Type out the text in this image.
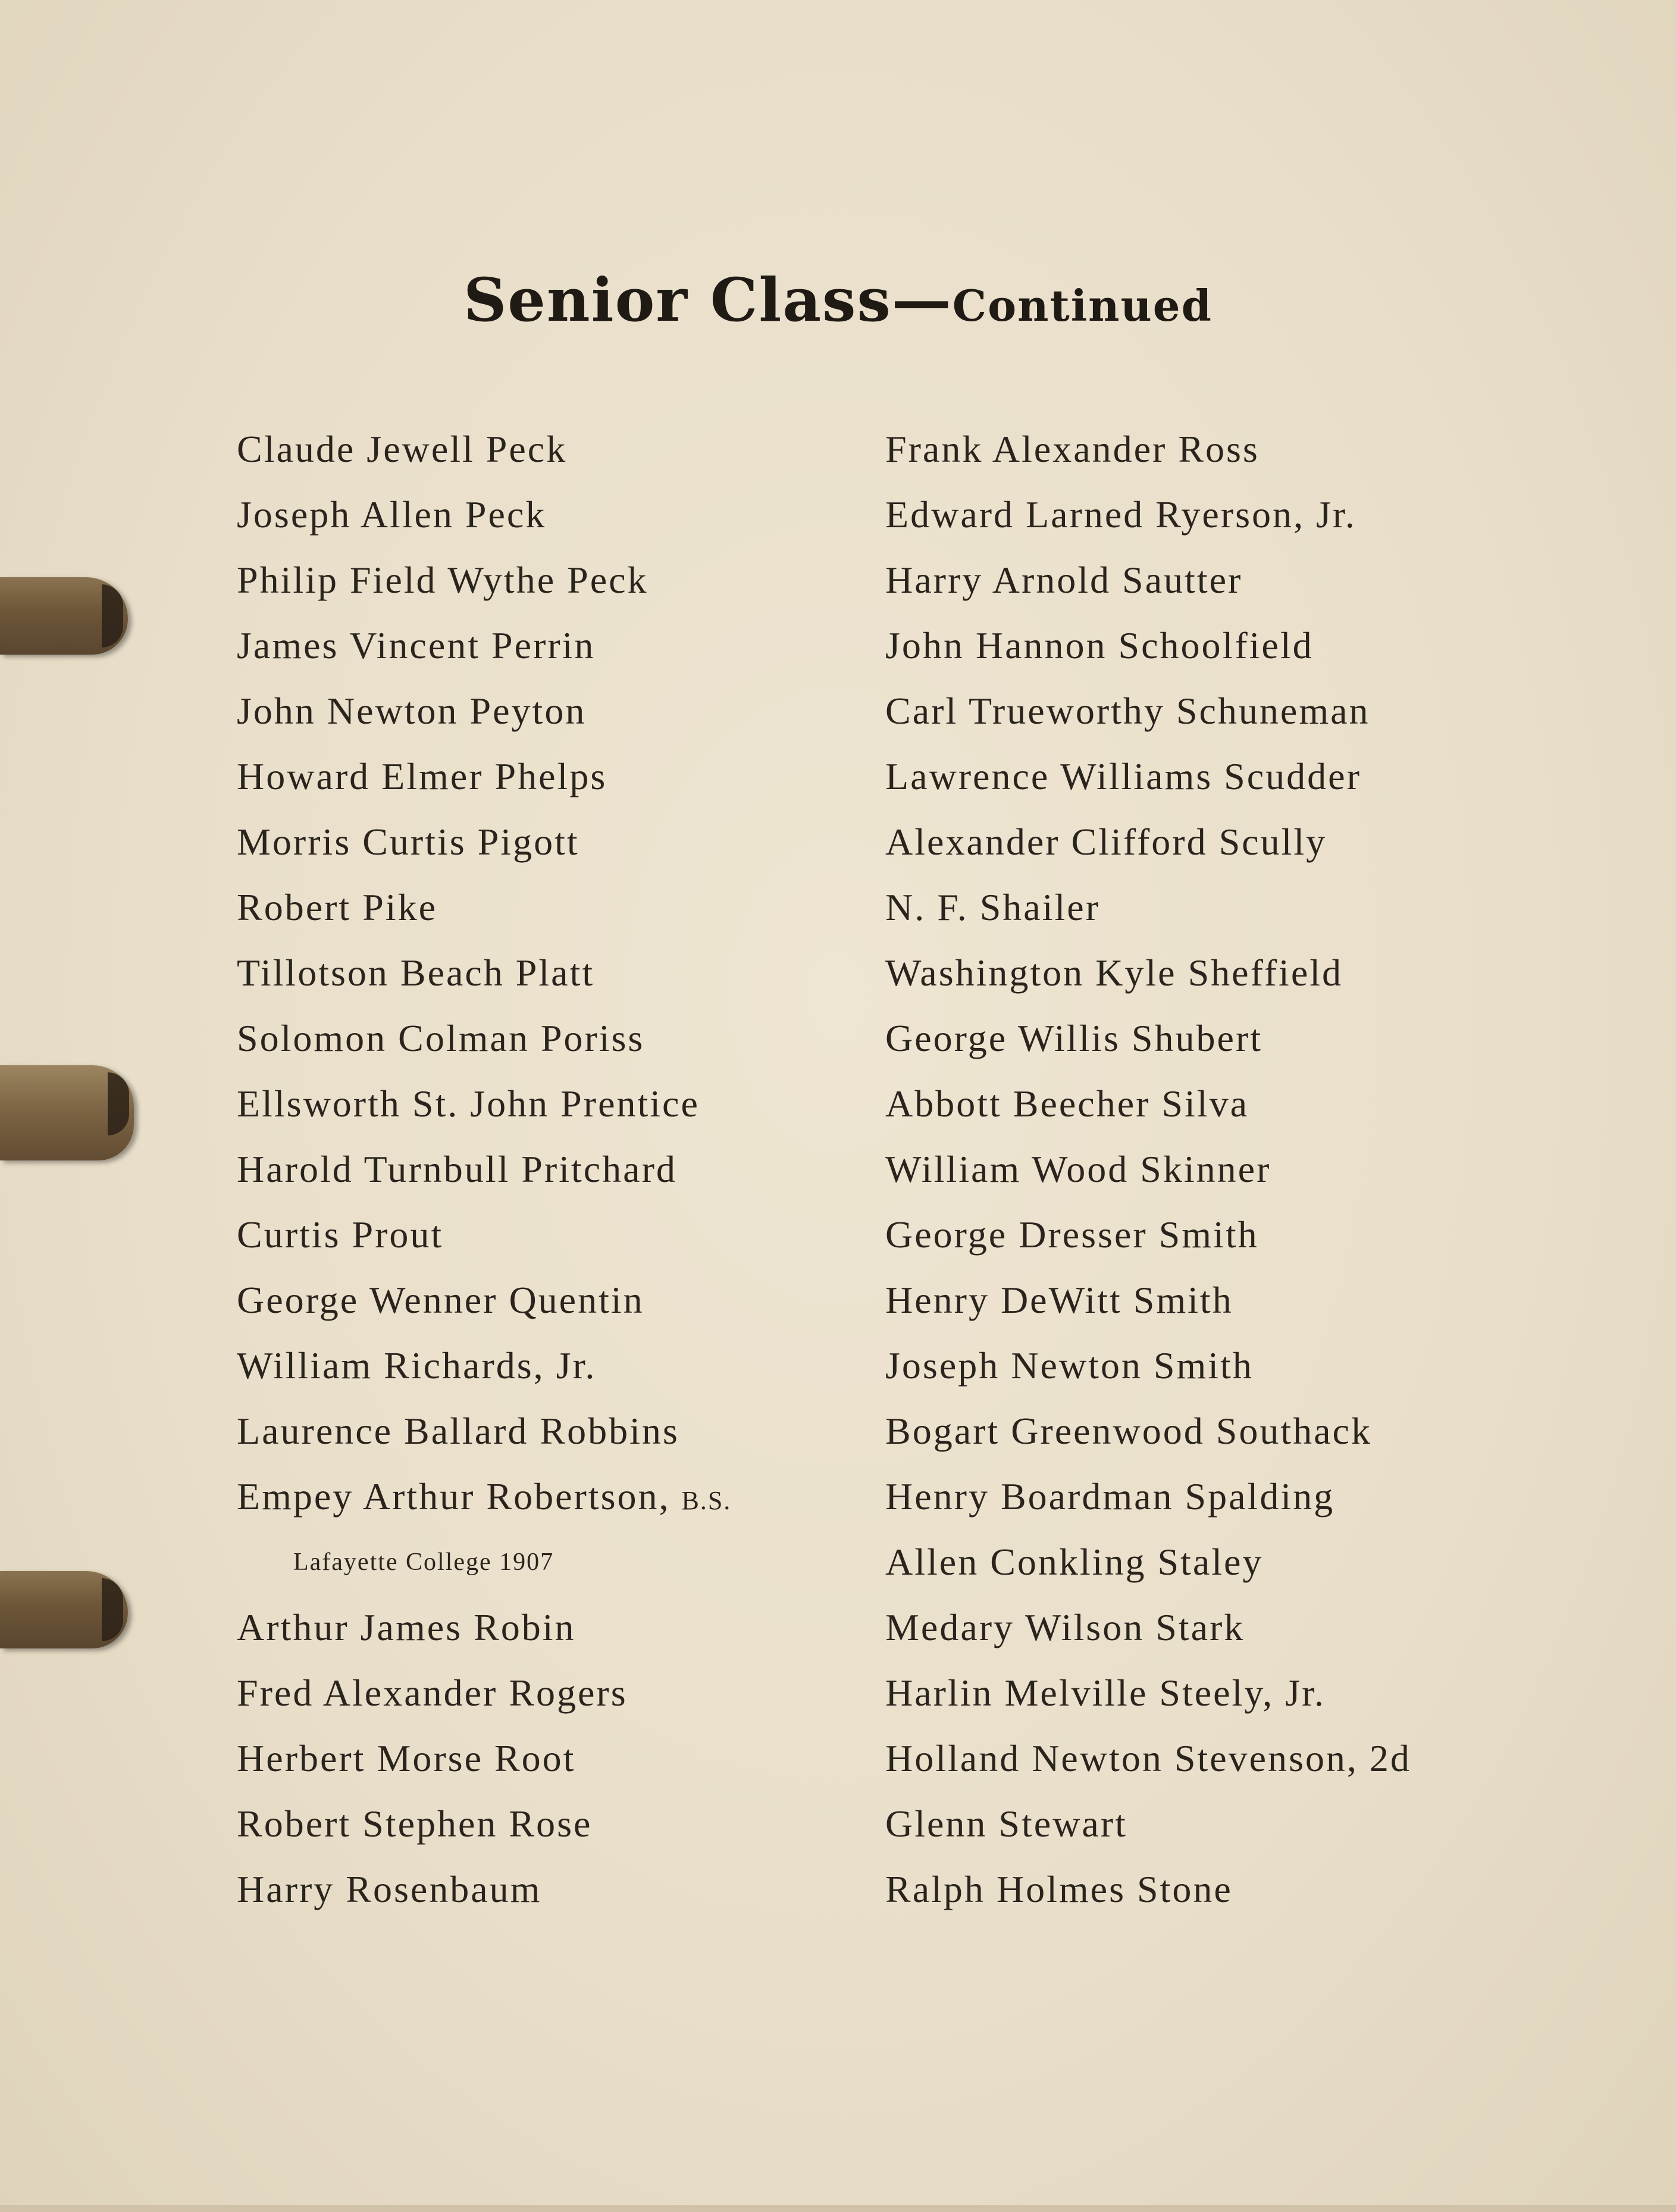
Senior Class—Continued
Claude Jewell Peck
Joseph Allen Peck
Philip Field Wythe Peck
James Vincent Perrin
John Newton Peyton
Howard Elmer Phelps
Morris Curtis Pigott
Robert Pike
Tillotson Beach Platt
Solomon Colman Poriss
Ellsworth St. John Prentice
Harold Turnbull Pritchard
Curtis Prout
George Wenner Quentin
William Richards, Jr.
Laurence Ballard Robbins
Empey Arthur Robertson, B.S.
Lafayette College 1907
Arthur James Robin
Fred Alexander Rogers
Herbert Morse Root
Robert Stephen Rose
Harry Rosenbaum
Frank Alexander Ross
Edward Larned Ryerson, Jr.
Harry Arnold Sautter
John Hannon Schoolfield
Carl Trueworthy Schuneman
Lawrence Williams Scudder
Alexander Clifford Scully
N. F. Shailer
Washington Kyle Sheffield
George Willis Shubert
Abbott Beecher Silva
William Wood Skinner
George Dresser Smith
Henry DeWitt Smith
Joseph Newton Smith
Bogart Greenwood Southack
Henry Boardman Spalding
Allen Conkling Staley
Medary Wilson Stark
Harlin Melville Steely, Jr.
Holland Newton Stevenson, 2d
Glenn Stewart
Ralph Holmes Stone
